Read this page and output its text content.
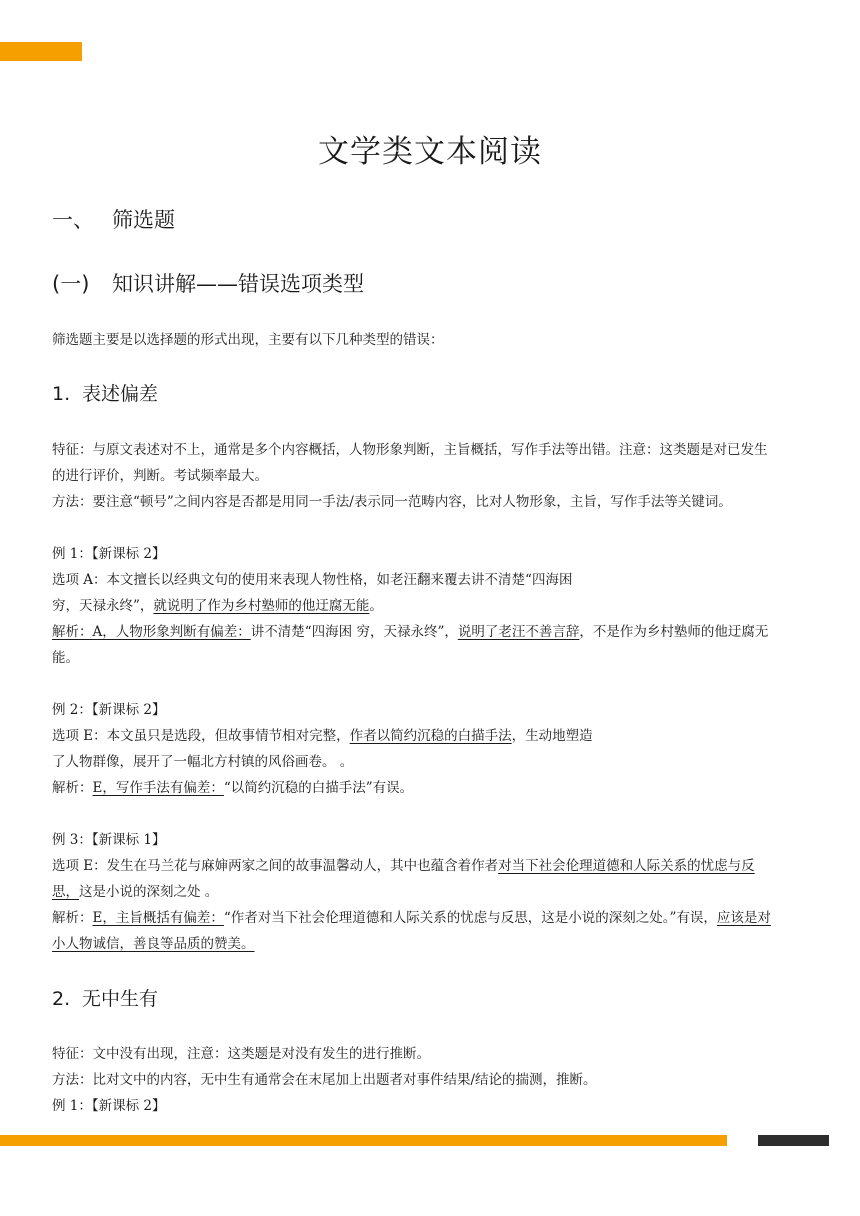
文学类文本阅读
一、 筛选题
(一) 知识讲解——错误选项类型

筛选题主要是以选择题的形式出现，主要有以下几种类型的错误：

1. 表述偏差

特征：与原文表述对不上，通常是多个内容概括，人物形象判断，主旨概括，写作手法等出错。注意：这类题是对已发生的进行评价，判断。考试频率最大。

方法：要注意“顿号”之间内容是否都是用同一手法/表示同一范畴内容，比对人物形象，主旨，写作手法等关键词。

例 1：【新课标 2】

选项 A：本文擅长以经典文句的使用来表现人物性格，如老汪翻来覆去讲不清楚“四海困

穷，天禄永终”，就说明了作为乡村塾师的他迂腐无能。

解析：A，人物形象判断有偏差：讲不清楚“四海困 穷，天禄永终”，说明了老汪不善言辞，不是作为乡村塾师的他迂腐无能。

例 2：【新课标 2】

选项 E：本文虽只是选段，但故事情节相对完整，作者以简约沉稳的白描手法，生动地塑造

了人物群像，展开了一幅北方村镇的风俗画卷。 。

解析：E，写作手法有偏差：“以简约沉稳的白描手法”有误。

例 3：【新课标 1】

选项 E：发生在马兰花与麻婶两家之间的故事温馨动人，其中也蕴含着作者对当下社会伦理道德和人际关系的忧虑与反思，这是小说的深刻之处 。

解析：E，主旨概括有偏差：“作者对当下社会伦理道德和人际关系的忧虑与反思，这是小说的深刻之处。”有误，应该是对小人物诚信，善良等品质的赞美。

2. 无中生有

特征：文中没有出现，注意：这类题是对没有发生的进行推断。

方法：比对文中的内容，无中生有通常会在末尾加上出题者对事件结果/结论的揣测，推断。

例 1：【新课标 2】
